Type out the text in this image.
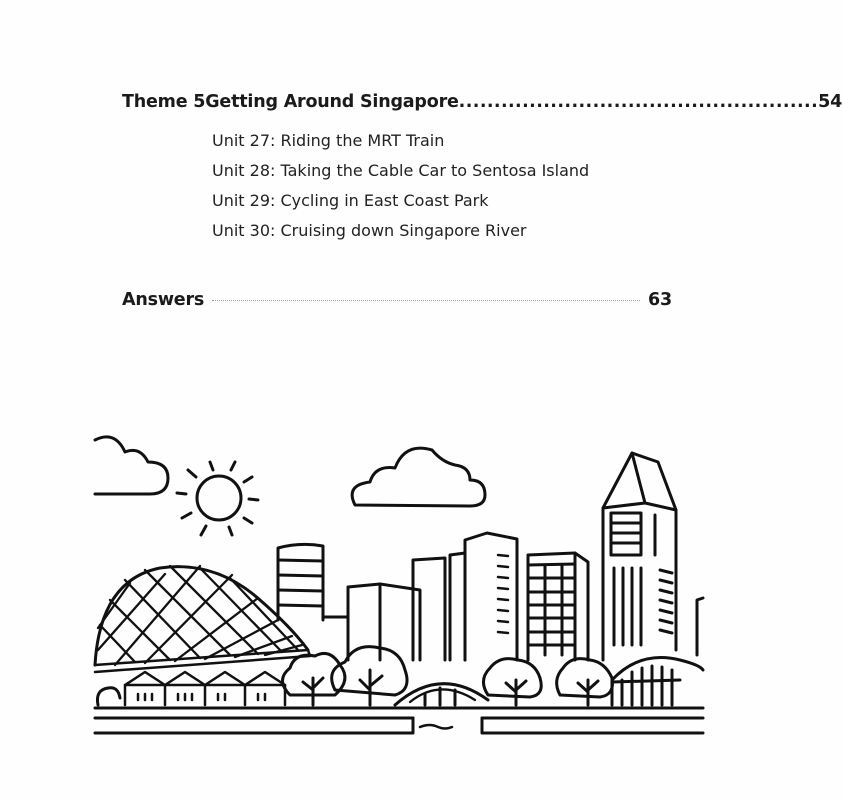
Theme 5 Getting Around Singapore ................................................... 54
Unit 27: Riding the MRT Train
Unit 28: Taking the Cable Car to Sentosa Island
Unit 29: Cycling in East Coast Park
Unit 30: Cruising down Singapore River
Answers	63
